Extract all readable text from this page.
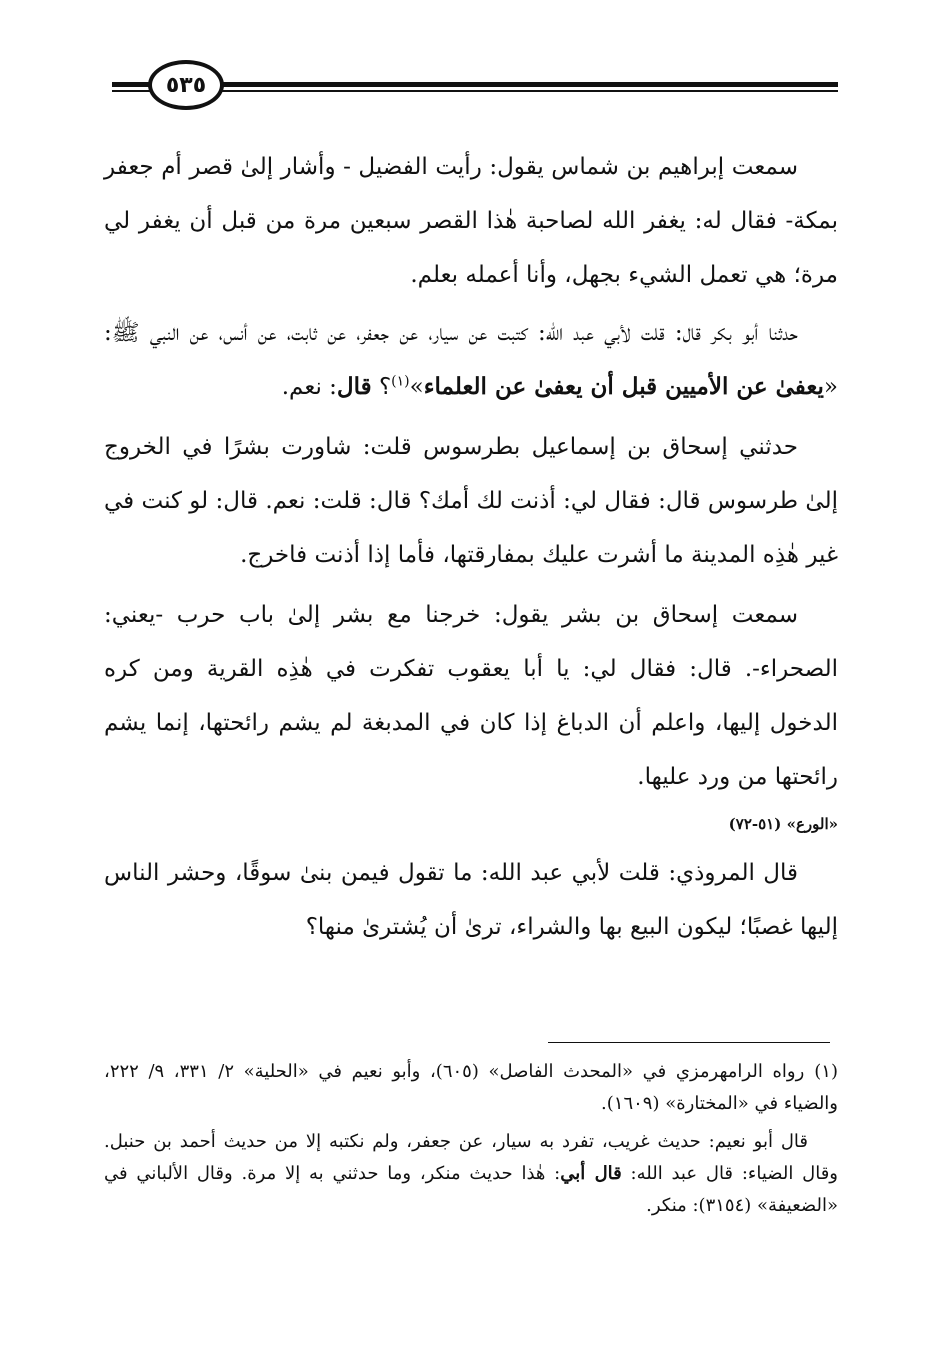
٥٣٥

سمعت إبراهيم بن شماس يقول: رأيت الفضيل - وأشار إلىٰ قصر أم جعفر بمكة- فقال له: يغفر الله لصاحبة هٰذا القصر سبعين مرة من قبل أن يغفر لي مرة؛ هي تعمل الشيء بجهل، وأنا أعمله بعلم.

حدثنا أبو بكر قال: قلت لأبي عبد الله: كتبت عن سيار، عن جعفر، عن ثابت، عن أنس، عن النبي ﷺ: «يعفىٰ عن الأميين قبل أن يعفىٰ عن العلماء»$^{(١)}$؟ قال: نعم.

حدثني إسحاق بن إسماعيل بطرسوس قلت: شاورت بشرًا في الخروج إلىٰ طرسوس قال: فقال لي: أذنت لك أمك؟ قال: قلت: نعم. قال: لو كنت في غير هٰذِه المدينة ما أشرت عليك بمفارقتها، فأما إذا أذنت فاخرج.

سمعت إسحاق بن بشر يقول: خرجنا مع بشر إلىٰ باب حرب -يعني: الصحراء-. قال: فقال لي: يا أبا يعقوب تفكرت في هٰذِه القرية ومن كره الدخول إليها، واعلم أن الدباغ إذا كان في المدبغة لم يشم رائحتها، إنما يشم رائحتها من ورد عليها.

«الورع» (٥١-٧٢)

قال المروذي: قلت لأبي عبد الله: ما تقول فيمن بنىٰ سوقًا، وحشر الناس إليها غصبًا؛ ليكون البيع بها والشراء، ترىٰ أن يُشترىٰ منها؟

(١)رواه الرامهرمزي في «المحدث الفاصل» (٦٠٥)، وأبو نعيم في «الحلية» ٢/ ٣٣١، ٩/ ٢٢٢، والضياء في «المختارة» (١٦٠٩).

قال أبو نعيم: حديث غريب، تفرد به سيار، عن جعفر، ولم نكتبه إلا من حديث أحمد بن حنبل. وقال الضياء: قال عبد الله: قال أبي: هٰذا حديث منكر، وما حدثني به إلا مرة. وقال الألباني في «الضعيفة» (٣١٥٤): منكر.
